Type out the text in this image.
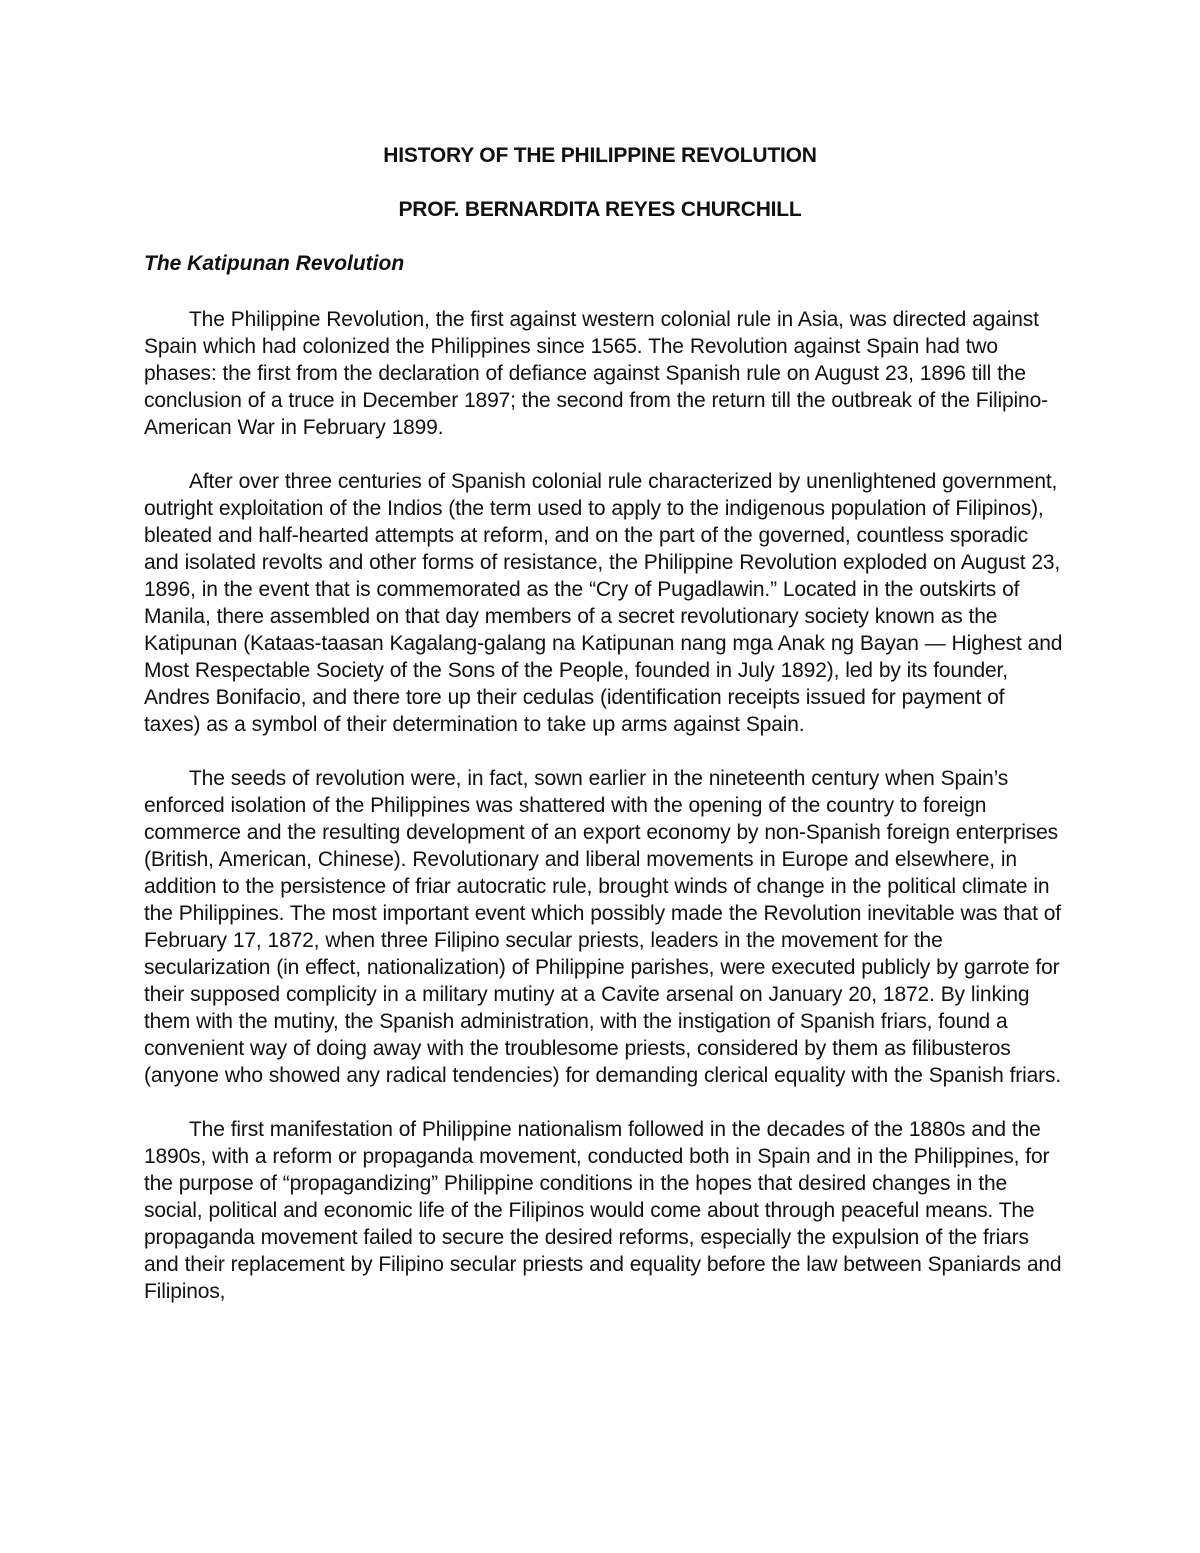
HISTORY OF THE PHILIPPINE REVOLUTION
PROF. BERNARDITA REYES CHURCHILL
The Katipunan Revolution

The Philippine Revolution, the first against western colonial rule in Asia, was directed against Spain which had colonized the Philippines since 1565. The Revolution against Spain had two phases: the first from the declaration of defiance against Spanish rule on August 23, 1896 till the conclusion of a truce in December 1897; the second from the return till the outbreak of the Filipino-American War in February 1899.

After over three centuries of Spanish colonial rule characterized by unenlightened government, outright exploitation of the Indios (the term used to apply to the indigenous population of Filipinos), bleated and half-hearted attempts at reform, and on the part of the governed, countless sporadic and isolated revolts and other forms of resistance, the Philippine Revolution exploded on August 23, 1896, in the event that is commemorated as the “Cry of Pugadlawin.” Located in the outskirts of Manila, there assembled on that day members of a secret revolutionary society known as the Katipunan (Kataas-taasan Kagalang-galang na Katipunan nang mga Anak ng Bayan — Highest and Most Respectable Society of the Sons of the People, founded in July 1892), led by its founder, Andres Bonifacio, and there tore up their cedulas (identification receipts issued for payment of taxes) as a symbol of their determination to take up arms against Spain.

The seeds of revolution were, in fact, sown earlier in the nineteenth century when Spain’s enforced isolation of the Philippines was shattered with the opening of the country to foreign commerce and the resulting development of an export economy by non-Spanish foreign enterprises (British, American, Chinese). Revolutionary and liberal movements in Europe and elsewhere, in addition to the persistence of friar autocratic rule, brought winds of change in the political climate in the Philippines. The most important event which possibly made the Revolution inevitable was that of February 17, 1872, when three Filipino secular priests, leaders in the movement for the secularization (in effect, nationalization) of Philippine parishes, were executed publicly by garrote for their supposed complicity in a military mutiny at a Cavite arsenal on January 20, 1872. By linking them with the mutiny, the Spanish administration, with the instigation of Spanish friars, found a convenient way of doing away with the troublesome priests, considered by them as filibusteros (anyone who showed any radical tendencies) for demanding clerical equality with the Spanish friars.

The first manifestation of Philippine nationalism followed in the decades of the 1880s and the 1890s, with a reform or propaganda movement, conducted both in Spain and in the Philippines, for the purpose of “propagandizing” Philippine conditions in the hopes that desired changes in the social, political and economic life of the Filipinos would come about through peaceful means. The propaganda movement failed to secure the desired reforms, especially the expulsion of the friars and their replacement by Filipino secular priests and equality before the law between Spaniards and Filipinos,
